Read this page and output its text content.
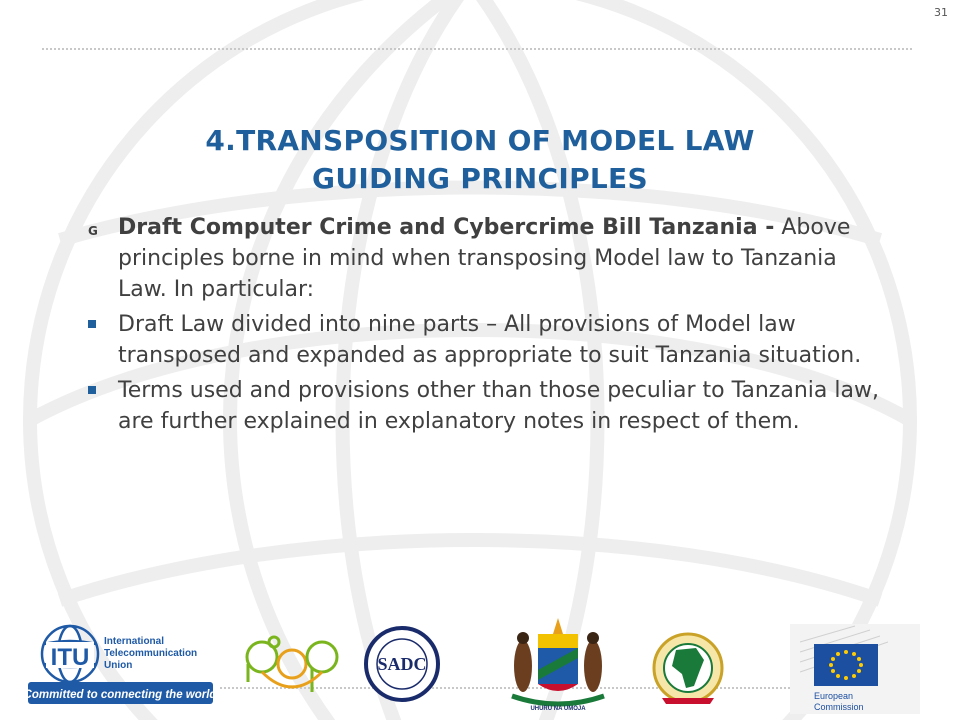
31
4.TRANSPOSITION OF MODEL LAW
GUIDING PRINCIPLES
G Draft Computer Crime and Cybercrime Bill Tanzania - Above principles borne in mind when transposing Model law to Tanzania Law. In particular:
Draft Law divided into nine parts – All provisions of Model law transposed and expanded as appropriate to suit Tanzania situation.
Terms used and provisions other than those peculiar to Tanzania law, are further explained in explanatory notes in respect of them.
ITU
International
Telecommunication
Union
Committed to connecting the world
SADC
UHURU NA UMOJA
European
Commission
